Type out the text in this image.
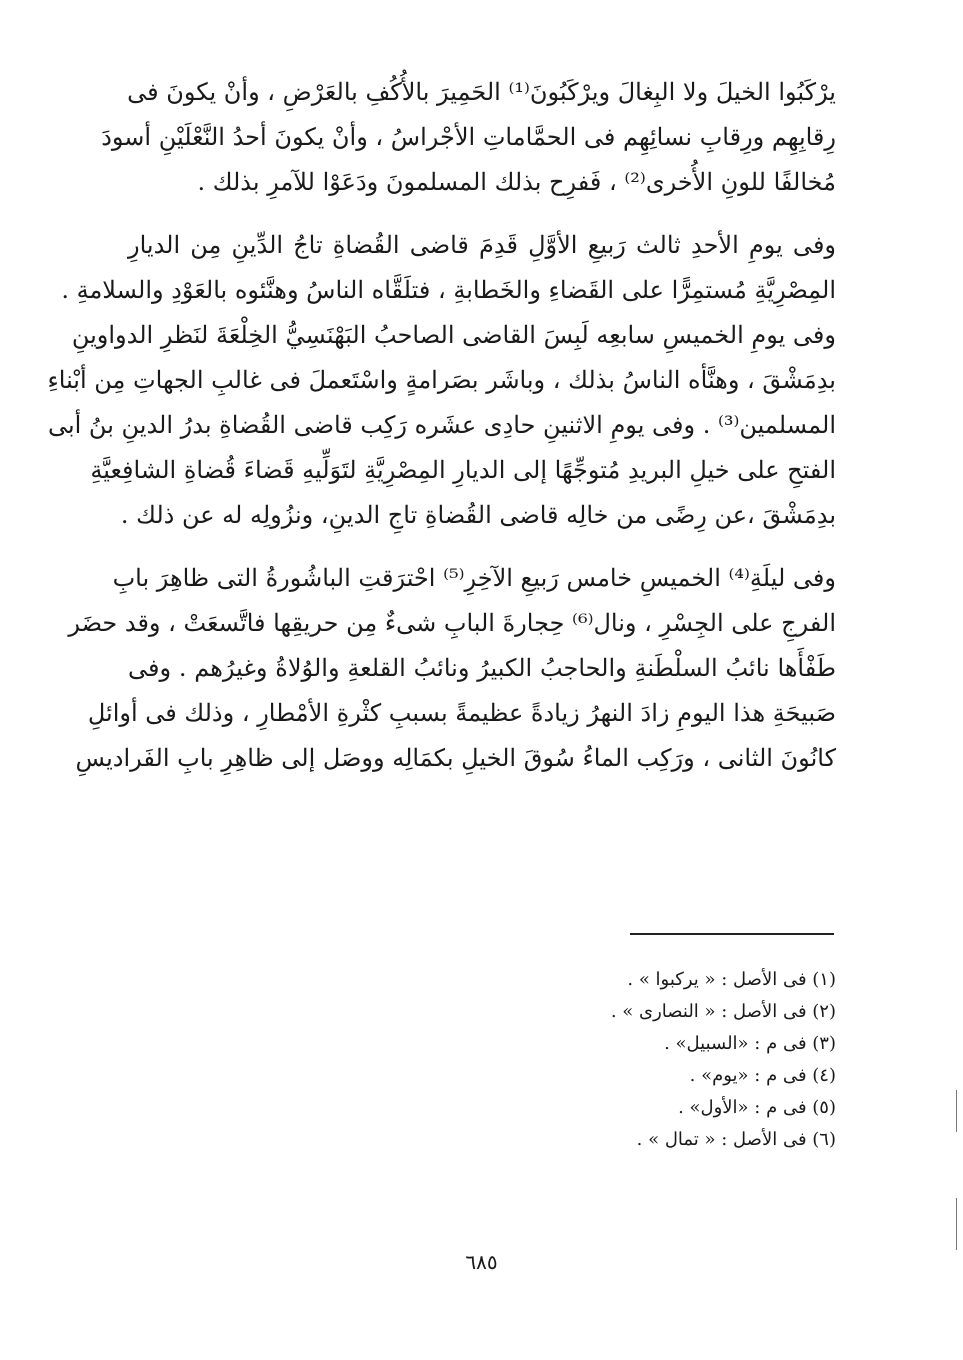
يرْكَبُوا الخيلَ ولا البِغالَ ويرْكَبُونَ⁽¹⁾ الحَمِيرَ بالأُكُفِ بالعَرْضِ ، وأنْ يكونَ فى
رِقابِهِم ورِقابِ نسائِهِم فى الحمَّاماتِ الأجْراسُ ، وأنْ يكونَ أحدُ النَّعْلَيْنِ أسودَ
مُخالفًا للونِ الأُخرى⁽²⁾ ، فَفرِح بذلك المسلمونَ ودَعَوْا للآمرِ بذلك .
وفى يومِ الأحدِ ثالث رَبيعِ الأوَّلِ قَدِمَ قاضى القُضاةِ تاجُ الدِّينِ مِن الديارِ
المِصْرِيَّةِ مُستمِرًّا على القَضاءِ والخَطابةِ ، فتلَقَّاه الناسُ وهنَّئوه بالعَوْدِ والسلامةِ .
وفى يومِ الخميسِ سابعِه لَبِسَ القاضى الصاحبُ البَهْنَسِيُّ الخِلْعَةَ لنَظرِ الدواوينِ
بدِمَشْقَ ، وهنَّأه الناسُ بذلك ، وباشَر بصَرامةٍ واسْتَعملَ فى غالبِ الجهاتِ مِن أبْناءِ
المسلمين⁽³⁾ . وفى يومِ الاثنينِ حادِى عشَره رَكِب قاضى القُضاةِ بدرُ الدينِ بنُ أبى
الفتحِ على خيلِ البريدِ مُتوجِّهًا إلى الديارِ المِصْرِيَّةِ لتَوَلِّيهِ قَضاءَ قُضاةِ الشافِعيَّةِ
بدِمَشْقَ ،عن رِضًى من خالِه قاضى القُضاةِ تاجِ الدينِ، ونزُولِه له عن ذلك .
وفى ليلَةِ⁽⁴⁾ الخميسِ خامس رَبيعِ الآخِرِ⁽⁵⁾ احْترَقتِ الباشُورةُ التى ظاهِرَ بابِ
الفرجِ على الجِسْرِ ، ونال⁽⁶⁾ حِجارةَ البابِ شىءٌ مِن حريقِها فاتَّسعَتْ ، وقد حضَر
طَفْأَها نائبُ السلْطَنةِ والحاجبُ الكبيرُ ونائبُ القلعةِ والوُلاةُ وغيرُهم . وفى
صَبيحَةِ هذا اليومِ زادَ النهرُ زيادةً عظيمةً بسببِ كثْرةِ الأمْطارِ ، وذلك فى أوائلِ
كانُونَ الثانى ، ورَكِب الماءُ سُوقَ الخيلِ بكمَالِه ووصَل إلى ظاهِرِ بابِ الفَراديسِ
(١) فى الأصل : « يركبوا » .
(٢) فى الأصل : « النصارى » .
(٣) فى م : «السبيل» .
(٤) فى م : «يوم» .
(٥) فى م : «الأول» .
(٦) فى الأصل : « تمال » .
٦٨٥
